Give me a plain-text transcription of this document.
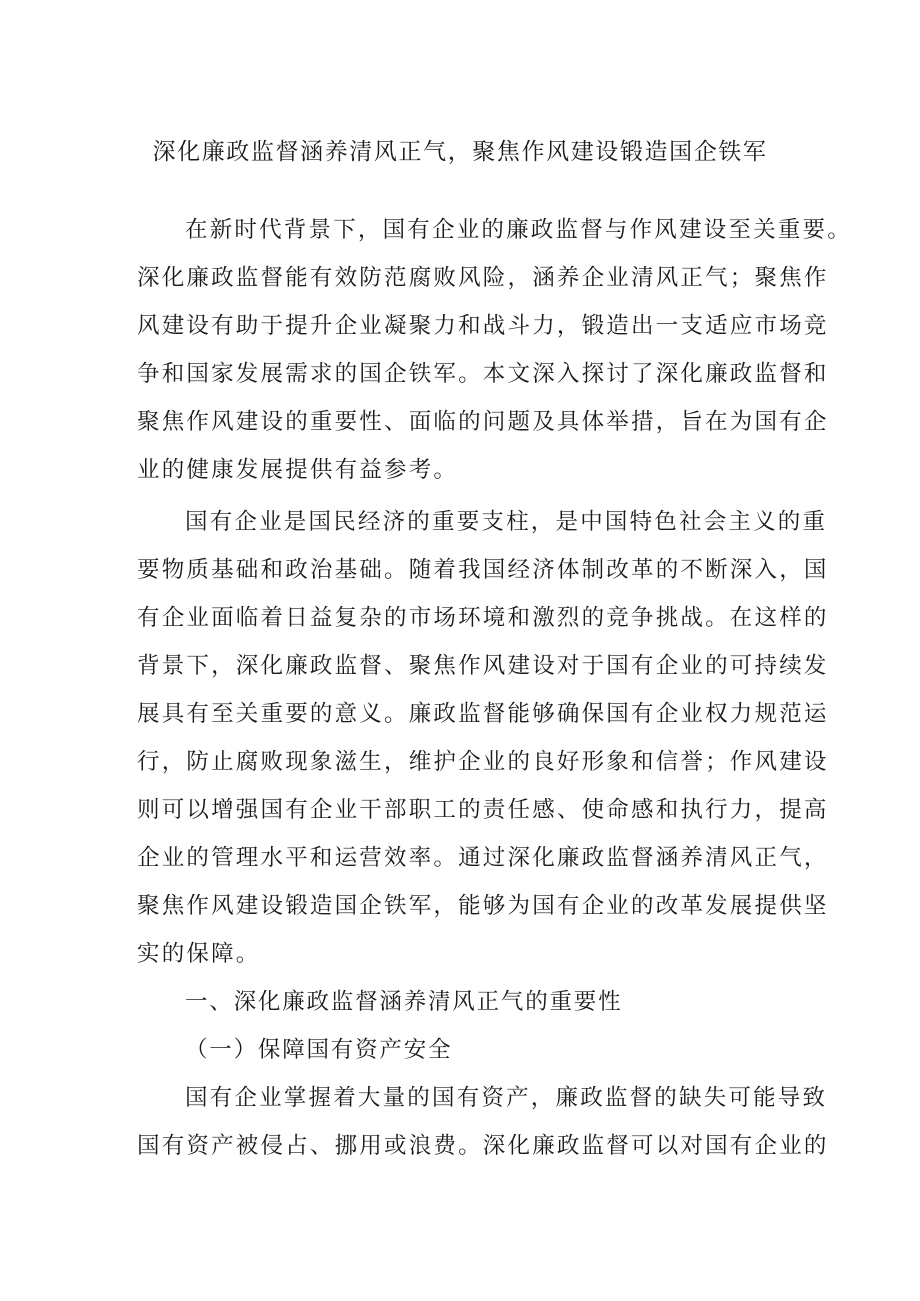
深化廉政监督涵养清风正气，聚焦作风建设锻造国企铁军
在新时代背景下，国有企业的廉政监督与作风建设至关重要。
深化廉政监督能有效防范腐败风险，涵养企业清风正气；聚焦作
风建设有助于提升企业凝聚力和战斗力，锻造出一支适应市场竞
争和国家发展需求的国企铁军。本文深入探讨了深化廉政监督和
聚焦作风建设的重要性、面临的问题及具体举措，旨在为国有企
业的健康发展提供有益参考。
国有企业是国民经济的重要支柱，是中国特色社会主义的重
要物质基础和政治基础。随着我国经济体制改革的不断深入，国
有企业面临着日益复杂的市场环境和激烈的竞争挑战。在这样的
背景下，深化廉政监督、聚焦作风建设对于国有企业的可持续发
展具有至关重要的意义。廉政监督能够确保国有企业权力规范运
行，防止腐败现象滋生，维护企业的良好形象和信誉；作风建设
则可以增强国有企业干部职工的责任感、使命感和执行力，提高
企业的管理水平和运营效率。通过深化廉政监督涵养清风正气，
聚焦作风建设锻造国企铁军，能够为国有企业的改革发展提供坚
实的保障。
一、深化廉政监督涵养清风正气的重要性
（一）保障国有资产安全
国有企业掌握着大量的国有资产，廉政监督的缺失可能导致
国有资产被侵占、挪用或浪费。深化廉政监督可以对国有企业的
